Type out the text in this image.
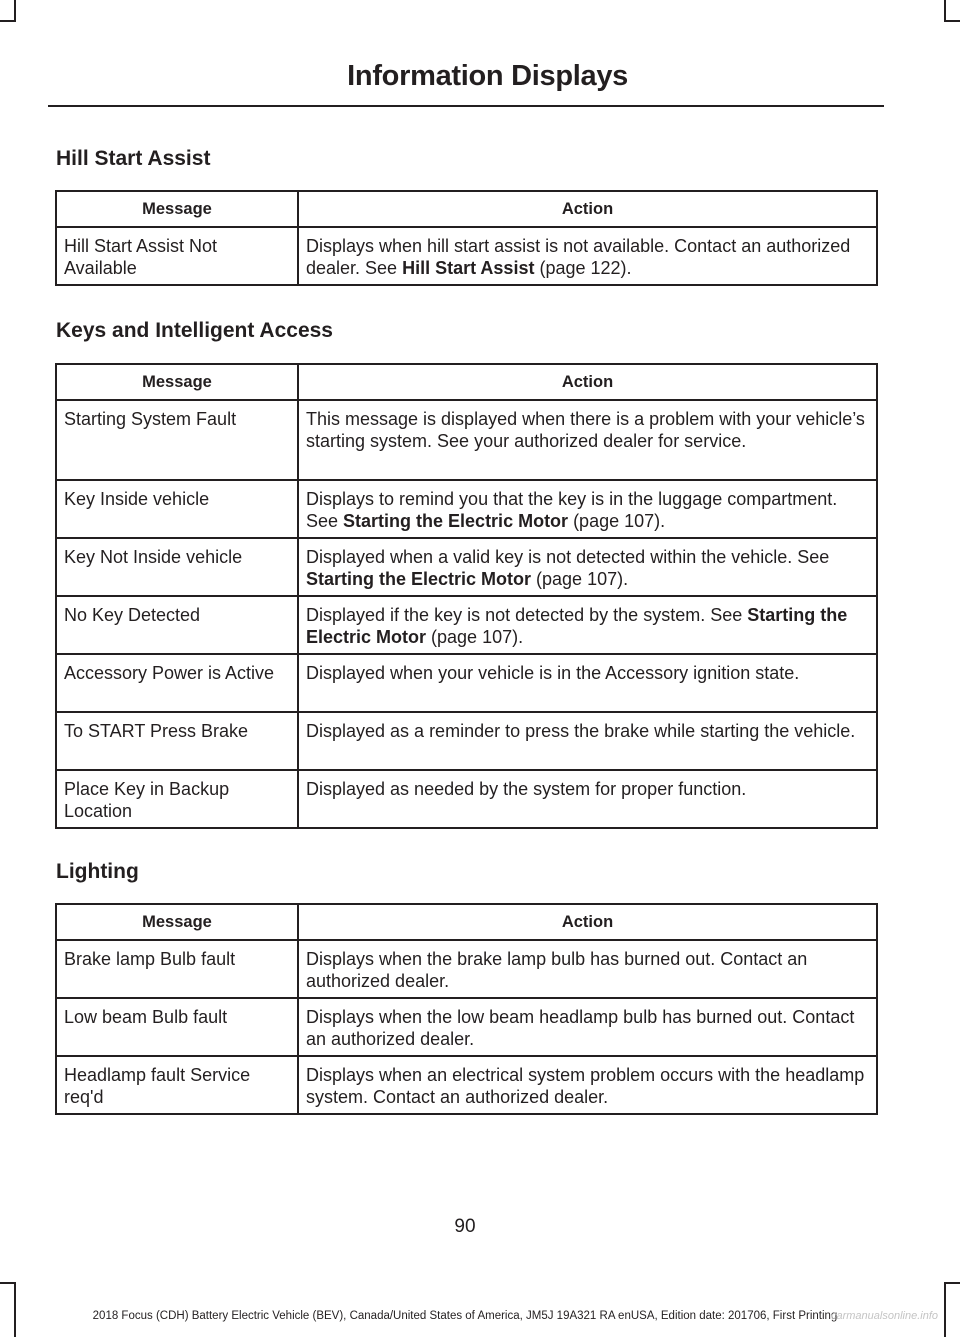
Information Displays
Hill Start Assist
Message	Action

Hill Start Assist Not Available	Displays when hill start assist is not available. Contact an authorized dealer. See Hill Start Assist (page 122).
Keys and Intelligent Access
Message	Action

Starting System Fault	This message is displayed when there is a problem with your vehicle’s starting system. See your authorized dealer for service.

Key Inside vehicle	Displays to remind you that the key is in the luggage compartment. See Starting the Electric Motor (page 107).

Key Not Inside vehicle	Displayed when a valid key is not detected within the vehicle. See Starting the Electric Motor (page 107).

No Key Detected	Displayed if the key is not detected by the system. See Starting the Electric Motor (page 107).

Accessory Power is Active	Displayed when your vehicle is in the Accessory ignition state.

To START Press Brake	Displayed as a reminder to press the brake while starting the vehicle.

Place Key in Backup Location	Displayed as needed by the system for proper function.
Lighting
Message	Action

Brake lamp Bulb fault	Displays when the brake lamp bulb has burned out. Contact an authorized dealer.

Low beam Bulb fault	Displays when the low beam headlamp bulb has burned out. Contact an authorized dealer.

Headlamp fault Service req'd	Displays when an electrical system problem occurs with the headlamp system. Contact an authorized dealer.
90
2018 Focus (CDH) Battery Electric Vehicle (BEV), Canada/United States of America, JM5J 19A321 RA enUSA, Edition date: 201706, First Printing
carmanualsonline.info
